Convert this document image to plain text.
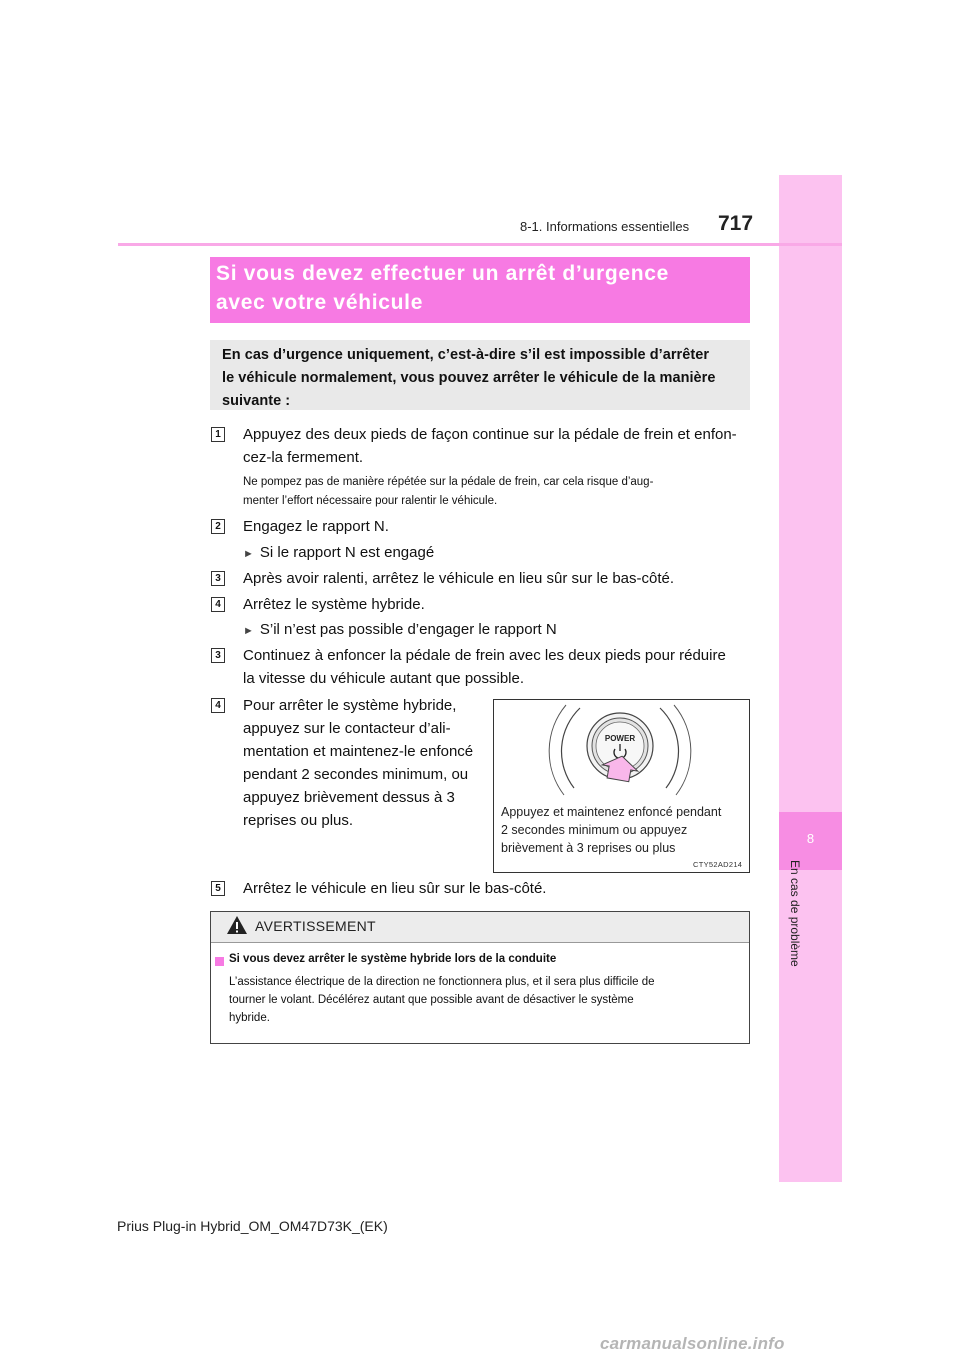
8
En cas de problème
8-1. Informations essentielles 717
Si vous devez effectuer un arrêt d’urgence
avec votre véhicule
En cas d’urgence uniquement, c’est-à-dire s’il est impossible d’arrêter
le véhicule normalement, vous pouvez arrêter le véhicule de la manière
suivante :
1 Appuyez des deux pieds de façon continue sur la pédale de frein et enfon-
cez-la fermement.
Ne pompez pas de manière répétée sur la pédale de frein, car cela risque d’aug-
menter l’effort nécessaire pour ralentir le véhicule.
2 Engagez le rapport N.
► Si le rapport N est engagé
3 Après avoir ralenti, arrêtez le véhicule en lieu sûr sur le bas-côté.
4 Arrêtez le système hybride.
► S’il n’est pas possible d’engager le rapport N
3 Continuez à enfoncer la pédale de frein avec les deux pieds pour réduire
la vitesse du véhicule autant que possible.
4 Pour arrêter le système hybride,
appuyez sur le contacteur d’ali-
mentation et maintenez-le enfoncé
pendant 2 secondes minimum, ou
appuyez brièvement dessus à 3
reprises ou plus.
POWER
Appuyez et maintenez enfoncé pendant
2 secondes minimum ou appuyez
brièvement à 3 reprises ou plus
CTY52AD214
5 Arrêtez le véhicule en lieu sûr sur le bas-côté.
AVERTISSEMENT
Si vous devez arrêter le système hybride lors de la conduite
L’assistance électrique de la direction ne fonctionnera plus, et il sera plus difficile de
tourner le volant. Décélérez autant que possible avant de désactiver le système
hybride.
Prius Plug-in Hybrid_OM_OM47D73K_(EK)
carmanualsonline.info
